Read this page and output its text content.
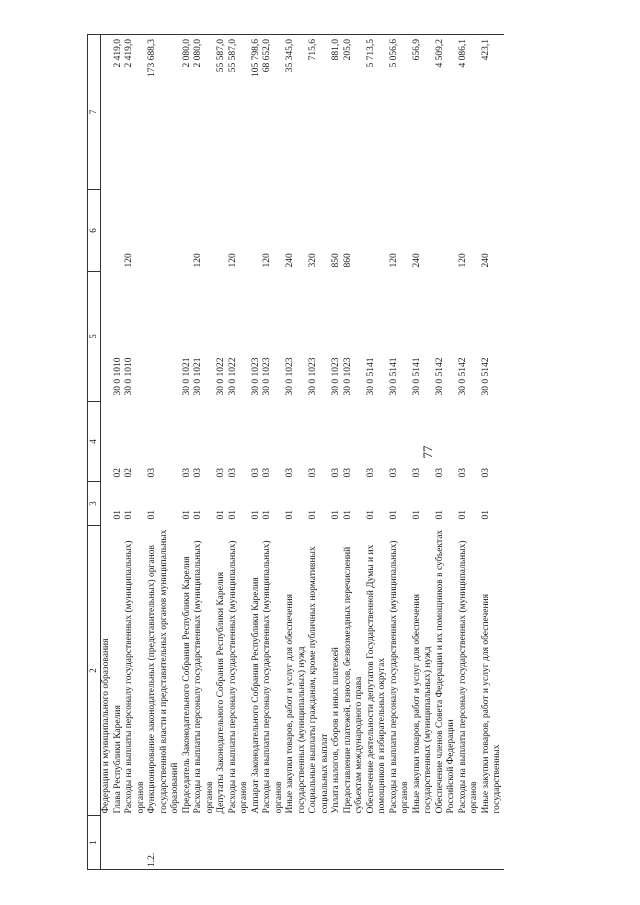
77
1	2	3	4	5	6	7
	Федерации и муниципального образования					
	Глава Республики Карелия	01	02	30 0 1010		2 419,0
	Расходы на выплаты персоналу государственных (муниципальных) органов	01	02	30 0 1010	120	2 419,0
1.2.	Функционирование законодательных (представительных) органов государственной власти и представительных органов муниципальных образований	01	03			173 688,3
	Председатель Законодательного Собрания Республики Карелия	01	03	30 0 1021		2 080,0
	Расходы на выплаты персоналу государственных (муниципальных) органов	01	03	30 0 1021	120	2 080,0
	Депутаты Законодательного Собрания Республики Карелия	01	03	30 0 1022		55 587,0
	Расходы на выплаты персоналу государственных (муниципальных) органов	01	03	30 0 1022	120	55 587,0
	Аппарат Законодательного Собрания Республики Карелия	01	03	30 0 1023		105 798,6
	Расходы на выплаты персоналу государственных (муниципальных) органов	01	03	30 0 1023	120	68 652,0
	Иные закупки товаров, работ и услуг для обеспечения государственных (муниципальных) нужд	01	03	30 0 1023	240	35 345,0
	Социальные выплаты гражданам, кроме публичных нормативных социальных выплат	01	03	30 0 1023	320	715,6
	Уплата налогов, сборов и иных платежей	01	03	30 0 1023	850	881,0
	Предоставление платежей, взносов, безвозмездных перечислений субъектам международного права	01	03	30 0 1023	860	205,0
	Обеспечение деятельности депутатов Государственной Думы и их помощников в избирательных округах	01	03	30 0 5141		5 713,5
	Расходы на выплаты персоналу государственных (муниципальных) органов	01	03	30 0 5141	120	5 056,6
	Иные закупки товаров, работ и услуг для обеспечения государственных (муниципальных) нужд	01	03	30 0 5141	240	656,9
	Обеспечение членов Совета Федерации и их помощников в субъектах Российской Федерации	01	03	30 0 5142		4 509,2
	Расходы на выплаты персоналу государственных (муниципальных) органов	01	03	30 0 5142	120	4 086,1
	Иные закупки товаров, работ и услуг для обеспечения государственных	01	03	30 0 5142	240	423,1
